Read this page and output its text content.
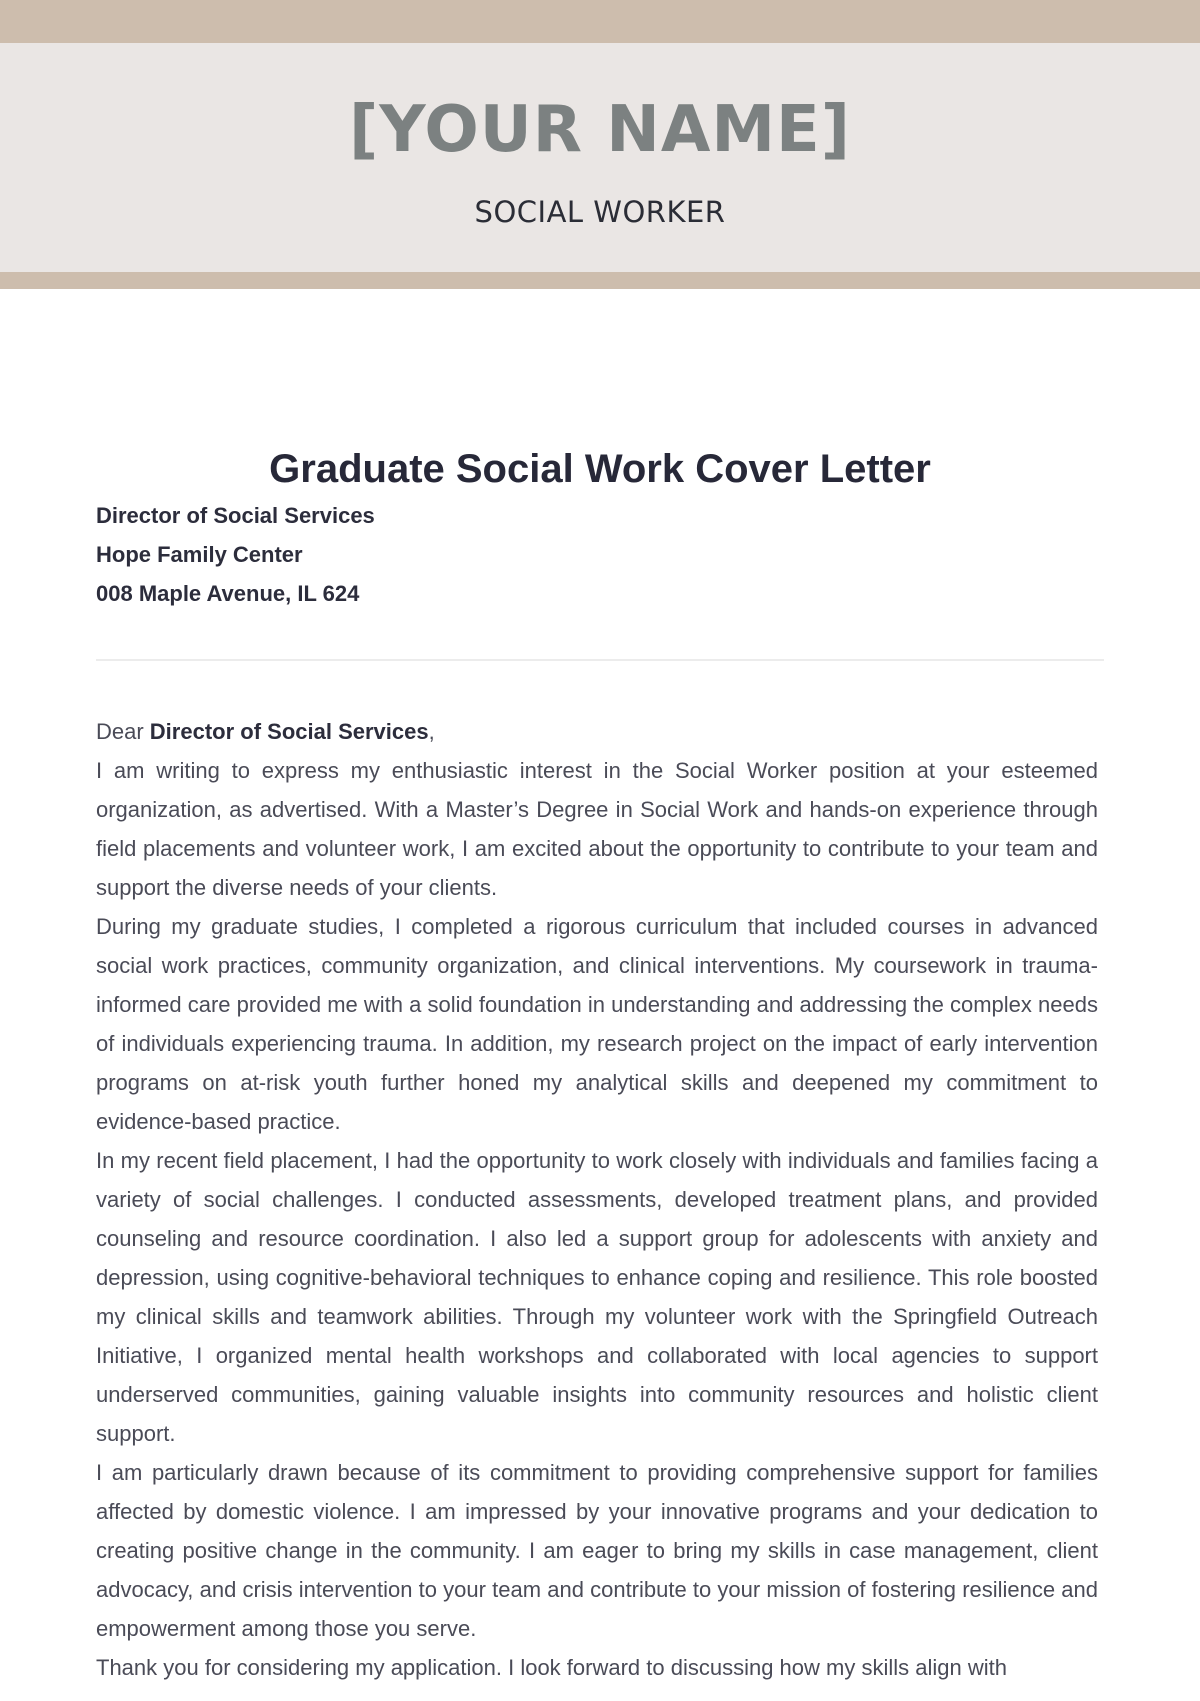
[YOUR NAME]
SOCIAL WORKER
Graduate Social Work Cover Letter
Director of Social Services
Hope Family Center
008 Maple Avenue, IL 624

Dear Director of Social Services,

I am writing to express my enthusiastic interest in the Social Worker position at your esteemed organization, as advertised. With a Master’s Degree in Social Work and hands-on experience through field placements and volunteer work, I am excited about the opportunity to contribute to your team and support the diverse needs of your clients.

During my graduate studies, I completed a rigorous curriculum that included courses in advanced social work practices, community organization, and clinical interventions. My coursework in trauma-informed care provided me with a solid foundation in understanding and addressing the complex needs of individuals experiencing trauma. In addition, my research project on the impact of early intervention programs on at-risk youth further honed my analytical skills and deepened my commitment to evidence-based practice.

In my recent field placement, I had the opportunity to work closely with individuals and families facing a variety of social challenges. I conducted assessments, developed treatment plans, and provided counseling and resource coordination. I also led a support group for adolescents with anxiety and depression, using cognitive-behavioral techniques to enhance coping and resilience. This role boosted my clinical skills and teamwork abilities. Through my volunteer work with the Springfield Outreach Initiative, I organized mental health workshops and collaborated with local agencies to support underserved communities, gaining valuable insights into community resources and holistic client support.

I am particularly drawn because of its commitment to providing comprehensive support for families affected by domestic violence. I am impressed by your innovative programs and your dedication to creating positive change in the community. I am eager to bring my skills in case management, client advocacy, and crisis intervention to your team and contribute to your mission of fostering resilience and empowerment among those you serve.

Thank you for considering my application. I look forward to discussing how my skills align with
